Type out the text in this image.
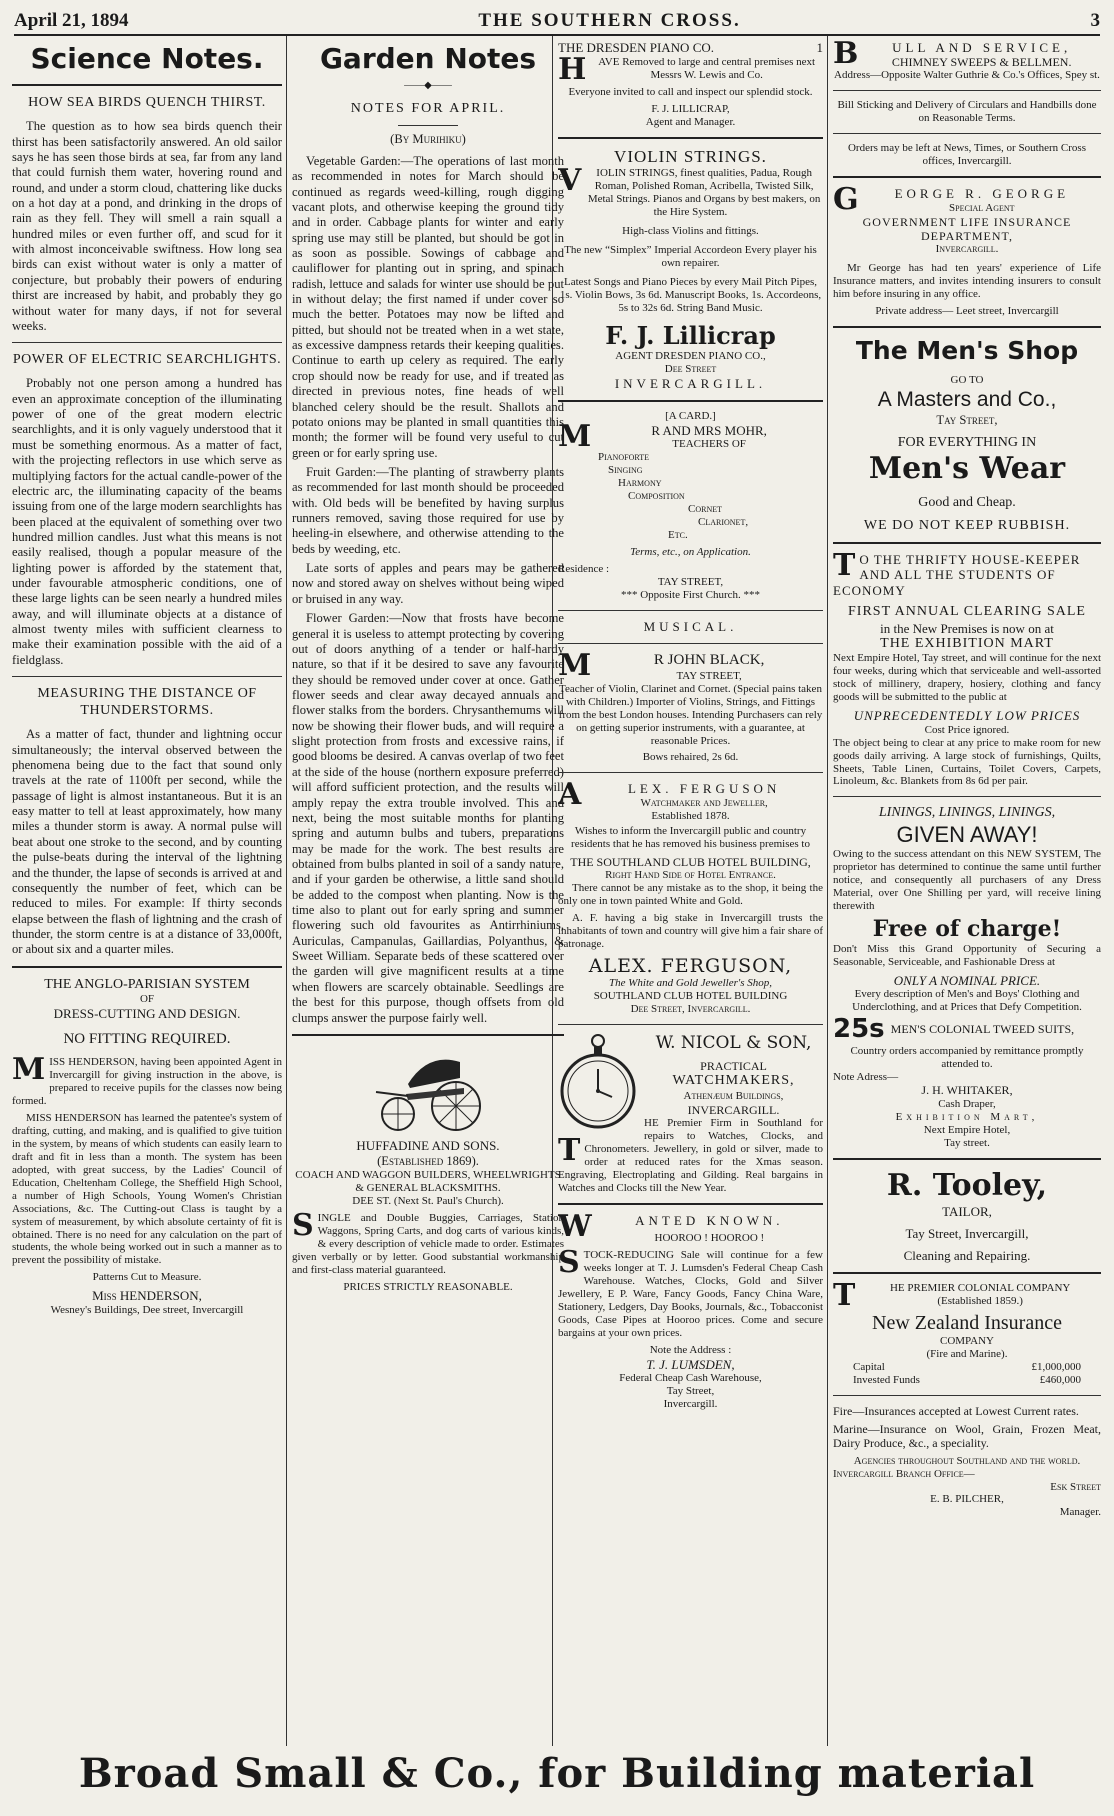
April 21, 1894	THE SOUTHERN CROSS.	3
Science Notes.
HOW SEA BIRDS QUENCH THIRST.

The question as to how sea birds quench their thirst has been satisfactorily answered. An old sailor says he has seen those birds at sea, far from any land that could furnish them water, hovering round and round, and under a storm cloud, chattering like ducks on a hot day at a pond, and drinking in the drops of rain as they fell. They will smell a rain squall a hundred miles or even further off, and scud for it with almost inconceivable swiftness. How long sea birds can exist without water is only a matter of conjecture, but probably their powers of enduring thirst are increased by habit, and probably they go without water for many days, if not for several weeks.

POWER OF ELECTRIC SEARCHLIGHTS.

Probably not one person among a hundred has even an approximate conception of the illuminating power of one of the great modern electric searchlights, and it is only vaguely understood that it must be something enormous. As a matter of fact, with the projecting reflectors in use which serve as multiplying factors for the actual candle-power of the electric arc, the illuminating capacity of the beams issuing from one of the large modern searchlights has been placed at the equivalent of something over two hundred million candles. Just what this means is not easily realised, though a popular measure of the lighting power is afforded by the statement that, under favourable atmospheric conditions, one of these large lights can be seen nearly a hundred miles away, and will illuminate objects at a distance of almost twenty miles with sufficient clearness to make their examination possible with the aid of a fieldglass.

MEASURING THE DISTANCE OF THUNDERSTORMS.

As a matter of fact, thunder and lightning occur simultaneously; the interval observed between the phenomena being due to the fact that sound only travels at the rate of 1100ft per second, while the passage of light is almost instantaneous. But it is an easy matter to tell at least approximately, how many miles a thunder storm is away. A normal pulse will beat about one stroke to the second, and by counting the pulse-beats during the interval of the lightning and the thunder, the lapse of seconds is arrived at and consequently the number of feet, which can be reduced to miles. For example: If thirty seconds elapse between the flash of lightning and the crash of thunder, the storm centre is at a distance of 33,000ft, or about six and a quarter miles.

THE ANGLO-PARISIAN SYSTEM
OF
DRESS-CUTTING AND DESIGN.
NO FITTING REQUIRED.
M ISS HENDERSON, having been appointed Agent in Invercargill for giving instruction in the above, is prepared to receive pupils for the classes now being formed.

MISS HENDERSON has learned the patentee's system of drafting, cutting, and making, and is qualified to give tuition in the system, by means of which students can easily learn to draft and fit in less than a month. The system has been adopted, with great success, by the Ladies' Council of Education, Cheltenham College, the Sheffield High School, a number of High Schools, Young Women's Christian Associations, &c. The Cutting-out Class is taught by a system of measurement, by which absolute certainty of fit is obtained. There is no need for any calculation on the part of students, the whole being worked out in such a manner as to prevent the possibility of mistake.

Patterns Cut to Measure.
Miss HENDERSON,
Wesney's Buildings, Dee street, Invercargill
Garden Notes
——◆——
NOTES FOR APRIL.
(By Murihiku)

Vegetable Garden:—The operations of last month as recommended in notes for March should be continued as regards weed-killing, rough digging vacant plots, and otherwise keeping the ground tidy and in order. Cabbage plants for winter and early spring use may still be planted, but should be got in as soon as possible. Sowings of cabbage and cauliflower for planting out in spring, and spinach radish, lettuce and salads for winter use should be put in without delay; the first named if under cover so much the better. Potatoes may now be lifted and pitted, but should not be treated when in a wet state, as excessive dampness retards their keeping qualities. Continue to earth up celery as required. The early crop should now be ready for use, and if treated as directed in previous notes, fine heads of well blanched celery should be the result. Shallots and potato onions may be planted in small quantities this month; the former will be found very useful to cut green or for early spring use.

Fruit Garden:—The planting of strawberry plants as recommended for last month should be proceeded with. Old beds will be benefited by having surplus runners removed, saving those required for use by heeling-in elsewhere, and otherwise attending to the beds by weeding, etc.

Late sorts of apples and pears may be gathered now and stored away on shelves without being wiped or bruised in any way.

Flower Garden:—Now that frosts have become general it is useless to attempt protecting by covering out of doors anything of a tender or half-hardy nature, so that if it be desired to save any favourite they should be removed under cover at once. Gather flower seeds and clear away decayed annuals and flower stalks from the borders. Chrysanthemums will now be showing their flower buds, and will require a slight protection from frosts and excessive rains, if good blooms be desired. A canvas overlap of two feet at the side of the house (northern exposure preferred) will afford sufficient protection, and the results will amply repay the extra trouble involved. This and next, being the most suitable months for planting spring and autumn bulbs and tubers, preparations may be made for the work. The best results are obtained from bulbs planted in soil of a sandy nature, and if your garden be otherwise, a little sand should be added to the compost when planting. Now is the time also to plant out for early spring and summer flowering such old favourites as Antirrhiniums, Auriculas, Campanulas, Gaillardias, Polyanthus, & Sweet William. Separate beds of these scattered over the garden will give magnificent results at a time when flowers are scarcely obtainable. Seedlings are the best for this purpose, though offsets from old clumps answer the purpose fairly well.

HUFFADINE AND SONS.
(Established 1869).
COACH AND WAGGON BUILDERS, WHEELWRIGHTS & GENERAL BLACKSMITHS.
DEE ST. (Next St. Paul's Church).
S INGLE and Double Buggies, Carriages, Station Waggons, Spring Carts, and dog carts of various kinds, & every description of vehicle made to order. Estimates given verbally or by letter. Good substantial workmanship and first-class material guaranteed.

PRICES STRICTLY REASONABLE.
THE DRESDEN PIANO CO.	1
H	AVE Removed to large and central premises next Messrs W. Lewis and Co.

Everyone invited to call and inspect our splendid stock.
F. J. LILLICRAP,
Agent and Manager.
VIOLIN STRINGS.
V	IOLIN STRINGS, finest qualities, Padua, Rough Roman, Polished Roman, Acribella, Twisted Silk, Metal Strings. Pianos and Organs by best makers, on the Hire System.

High-class Violins and fittings.
The new “Simplex” Imperial Accordeon Every player his own repairer.
Latest Songs and Piano Pieces by every Mail Pitch Pipes, 1s. Violin Bows, 3s 6d. Manuscript Books, 1s. Accordeons, 5s to 32s 6d. String Band Music.
F. J. Lillicrap
AGENT DRESDEN PIANO CO.,
Dee Street
INVERCARGILL.
[A CARD.]
M	R AND MRS MOHR,
TEACHERS OF
Pianoforte
Singing
Harmony
Composition
Cornet
Clarionet,
Etc.
Terms, etc., on Application.
Residence :
TAY STREET,
*** Opposite First Church. ***
MUSICAL.
M	R JOHN BLACK,
TAY STREET,

Teacher of Violin, Clarinet and Cornet. (Special pains taken with Children.) Importer of Violins, Strings, and Fittings from the best London houses. Intending Purchasers can rely on getting superior instruments, with a guarantee, at reasonable Prices.

Bows rehaired, 2s 6d.
A	LEX. FERGUSON
Watchmaker and Jeweller,
Established 1878.

Wishes to inform the Invercargill public and country residents that he has removed his business premises to

THE SOUTHLAND CLUB HOTEL BUILDING,
Right Hand Side of Hotel Entrance.

There cannot be any mistake as to the shop, it being the only one in town painted White and Gold.

A. F. having a big stake in Invercargill trusts the inhabitants of town and country will give him a fair share of patronage.

ALEX. FERGUSON,
The White and Gold Jeweller's Shop,
SOUTHLAND CLUB HOTEL BUILDING
Dee Street, Invercargill.
W. NICOL & SON,
PRACTICAL
WATCHMAKERS,
Athenæum Buildings,
INVERCARGILL.
T

HE Premier Firm in Southland for repairs to Watches, Clocks, and Chronometers. Jewellery, in gold or silver, made to order at reduced rates for the Xmas season. Engraving, Electroplating and Gilding. Real bargains in Watches and Clocks till the New Year.

W	ANTED KNOWN.
HOOROO ! HOOROO !
S TOCK-REDUCING Sale will continue for a few weeks longer at T. J. Lumsden's Federal Cheap Cash Warehouse. Watches, Clocks, Gold and Silver Jewellery, E P. Ware, Fancy Goods, Fancy China Ware, Stationery, Ledgers, Day Books, Journals, &c., Tobacconist Goods, Case Pipes at Hooroo prices. Come and secure bargains at your own prices.

Note the Address :
T. J. LUMSDEN,
Federal Cheap Cash Warehouse,
Tay Street,
Invercargill.
B	ULL AND SERVICE,
CHIMNEY SWEEPS & BELLMEN.
Address—Opposite Walter Guthrie & Co.'s Offices, Spey st.
Bill Sticking and Delivery of Circulars and Handbills done on Reasonable Terms.
Orders may be left at News, Times, or Southern Cross offices, Invercargill.
G	EORGE R. GEORGE
Special Agent
GOVERNMENT LIFE INSURANCE DEPARTMENT,
Invercargill.

Mr George has had ten years' experience of Life Insurance matters, and invites intending insurers to consult him before insuring in any office.

Private address— Leet street, Invercargill
The Men's Shop
GO TO
A Masters and Co.,
Tay Street,
FOR EVERYTHING IN
Men's Wear
Good and Cheap.
WE DO NOT KEEP RUBBISH.
T O THE THRIFTY HOUSE-KEEPER AND ALL THE STUDENTS OF ECONOMY
FIRST ANNUAL CLEARING SALE
in the New Premises is now on at
THE EXHIBITION MART

Next Empire Hotel, Tay street, and will continue for the next four weeks, during which that serviceable and well-assorted stock of millinery, drapery, hosiery, clothing and fancy goods will be submitted to the public at

UNPRECEDENTEDLY LOW PRICES
Cost Price ignored.

The object being to clear at any price to make room for new goods daily arriving. A large stock of furnishings, Quilts, Sheets, Table Linen, Curtains, Toilet Covers, Carpets, Linoleum, &c. Blankets from 8s 6d per pair.

LININGS, LININGS, LININGS,
GIVEN AWAY!

Owing to the success attendant on this NEW SYSTEM, The proprietor has determined to continue the same until further notice, and consequently all purchasers of any Dress Material, over One Shilling per yard, will receive lining therewith

Free of charge!

Don't Miss this Grand Opportunity of Securing a Seasonable, Serviceable, and Fashionable Dress at

ONLY A NOMINAL PRICE.
Every description of Men's and Boys' Clothing and Underclothing, and at Prices that Defy Competition.
25s MEN'S COLONIAL TWEED SUITS,
Country orders accompanied by remittance promptly attended to.
Note Adress—
J. H. WHITAKER,
Cash Draper,
Exhibition Mart,
Next Empire Hotel,
Tay street.
R. Tooley,
TAILOR,
Tay Street, Invercargill,
Cleaning and Repairing.
T	HE PREMIER COLONIAL COMPANY
(Established 1859.)
New Zealand Insurance
COMPANY
(Fire and Marine).
Capital	£1,000,000
Invested Funds	£460,000

Fire—Insurances accepted at Lowest Current rates.

Marine—Insurance on Wool, Grain, Frozen Meat, Dairy Produce, &c., a speciality.

Agencies throughout Southland and the world.
Invercargill Branch Office—
Esk Street
E. B. PILCHER,
Manager.
Broad Small & Co., for Building material
